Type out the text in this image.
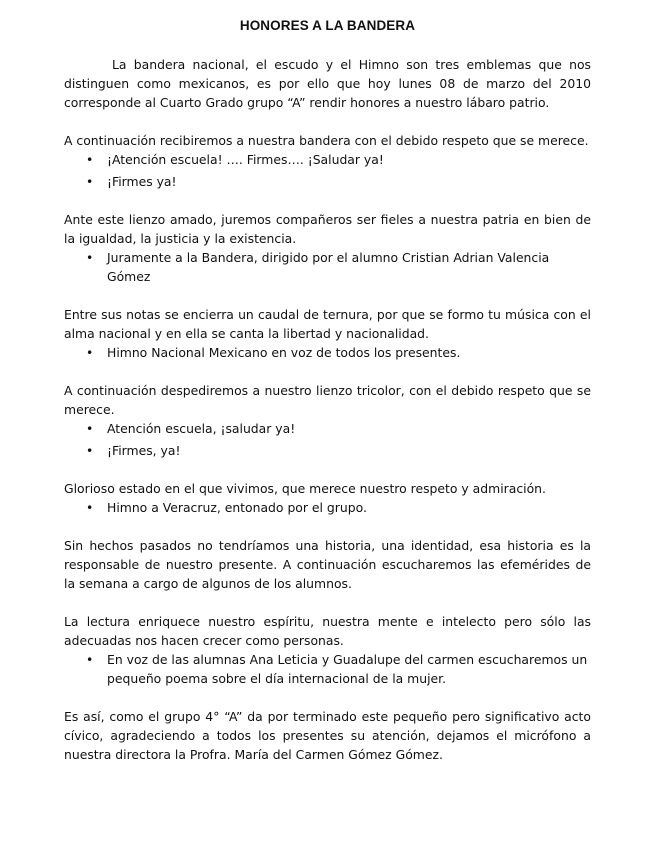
HONORES A LA BANDERA

La bandera nacional, el escudo y el Himno son tres emblemas que nos distinguen como mexicanos, es por ello que hoy lunes 08 de marzo del 2010 corresponde al Cuarto Grado grupo “A” rendir honores a nuestro lábaro patrio.

A continuación recibiremos a nuestra bandera con el debido respeto que se merece.

• ¡Atención escuela! …. Firmes…. ¡Saludar ya!
• ¡Firmes ya!

Ante este lienzo amado, juremos compañeros ser fieles a nuestra patria en bien de la igualdad, la justicia y la existencia.

• Juramente a la Bandera, dirigido por el alumno Cristian Adrian Valencia Gómez

Entre sus notas se encierra un caudal de ternura, por que se formo tu música con el alma nacional y en ella se canta la libertad y nacionalidad.

• Himno Nacional Mexicano en voz de todos los presentes.

A continuación despediremos a nuestro lienzo tricolor, con el debido respeto que se merece.

• Atención escuela, ¡saludar ya!
• ¡Firmes, ya!

Glorioso estado en el que vivimos, que merece nuestro respeto y admiración.

• Himno a Veracruz, entonado por el grupo.

Sin hechos pasados no tendríamos una historia, una identidad, esa historia es la responsable de nuestro presente. A continuación escucharemos las efemérides de la semana a cargo de algunos de los alumnos.

La lectura enriquece nuestro espíritu, nuestra mente e intelecto pero sólo las adecuadas nos hacen crecer como personas.

• En voz de las alumnas Ana Leticia y Guadalupe del carmen escucharemos un pequeño poema sobre el día internacional de la mujer.

Es así, como el grupo 4° “A” da por terminado este pequeño pero significativo acto cívico, agradeciendo a todos los presentes su atención, dejamos el micrófono a nuestra directora la Profra. María del Carmen Gómez Gómez.
